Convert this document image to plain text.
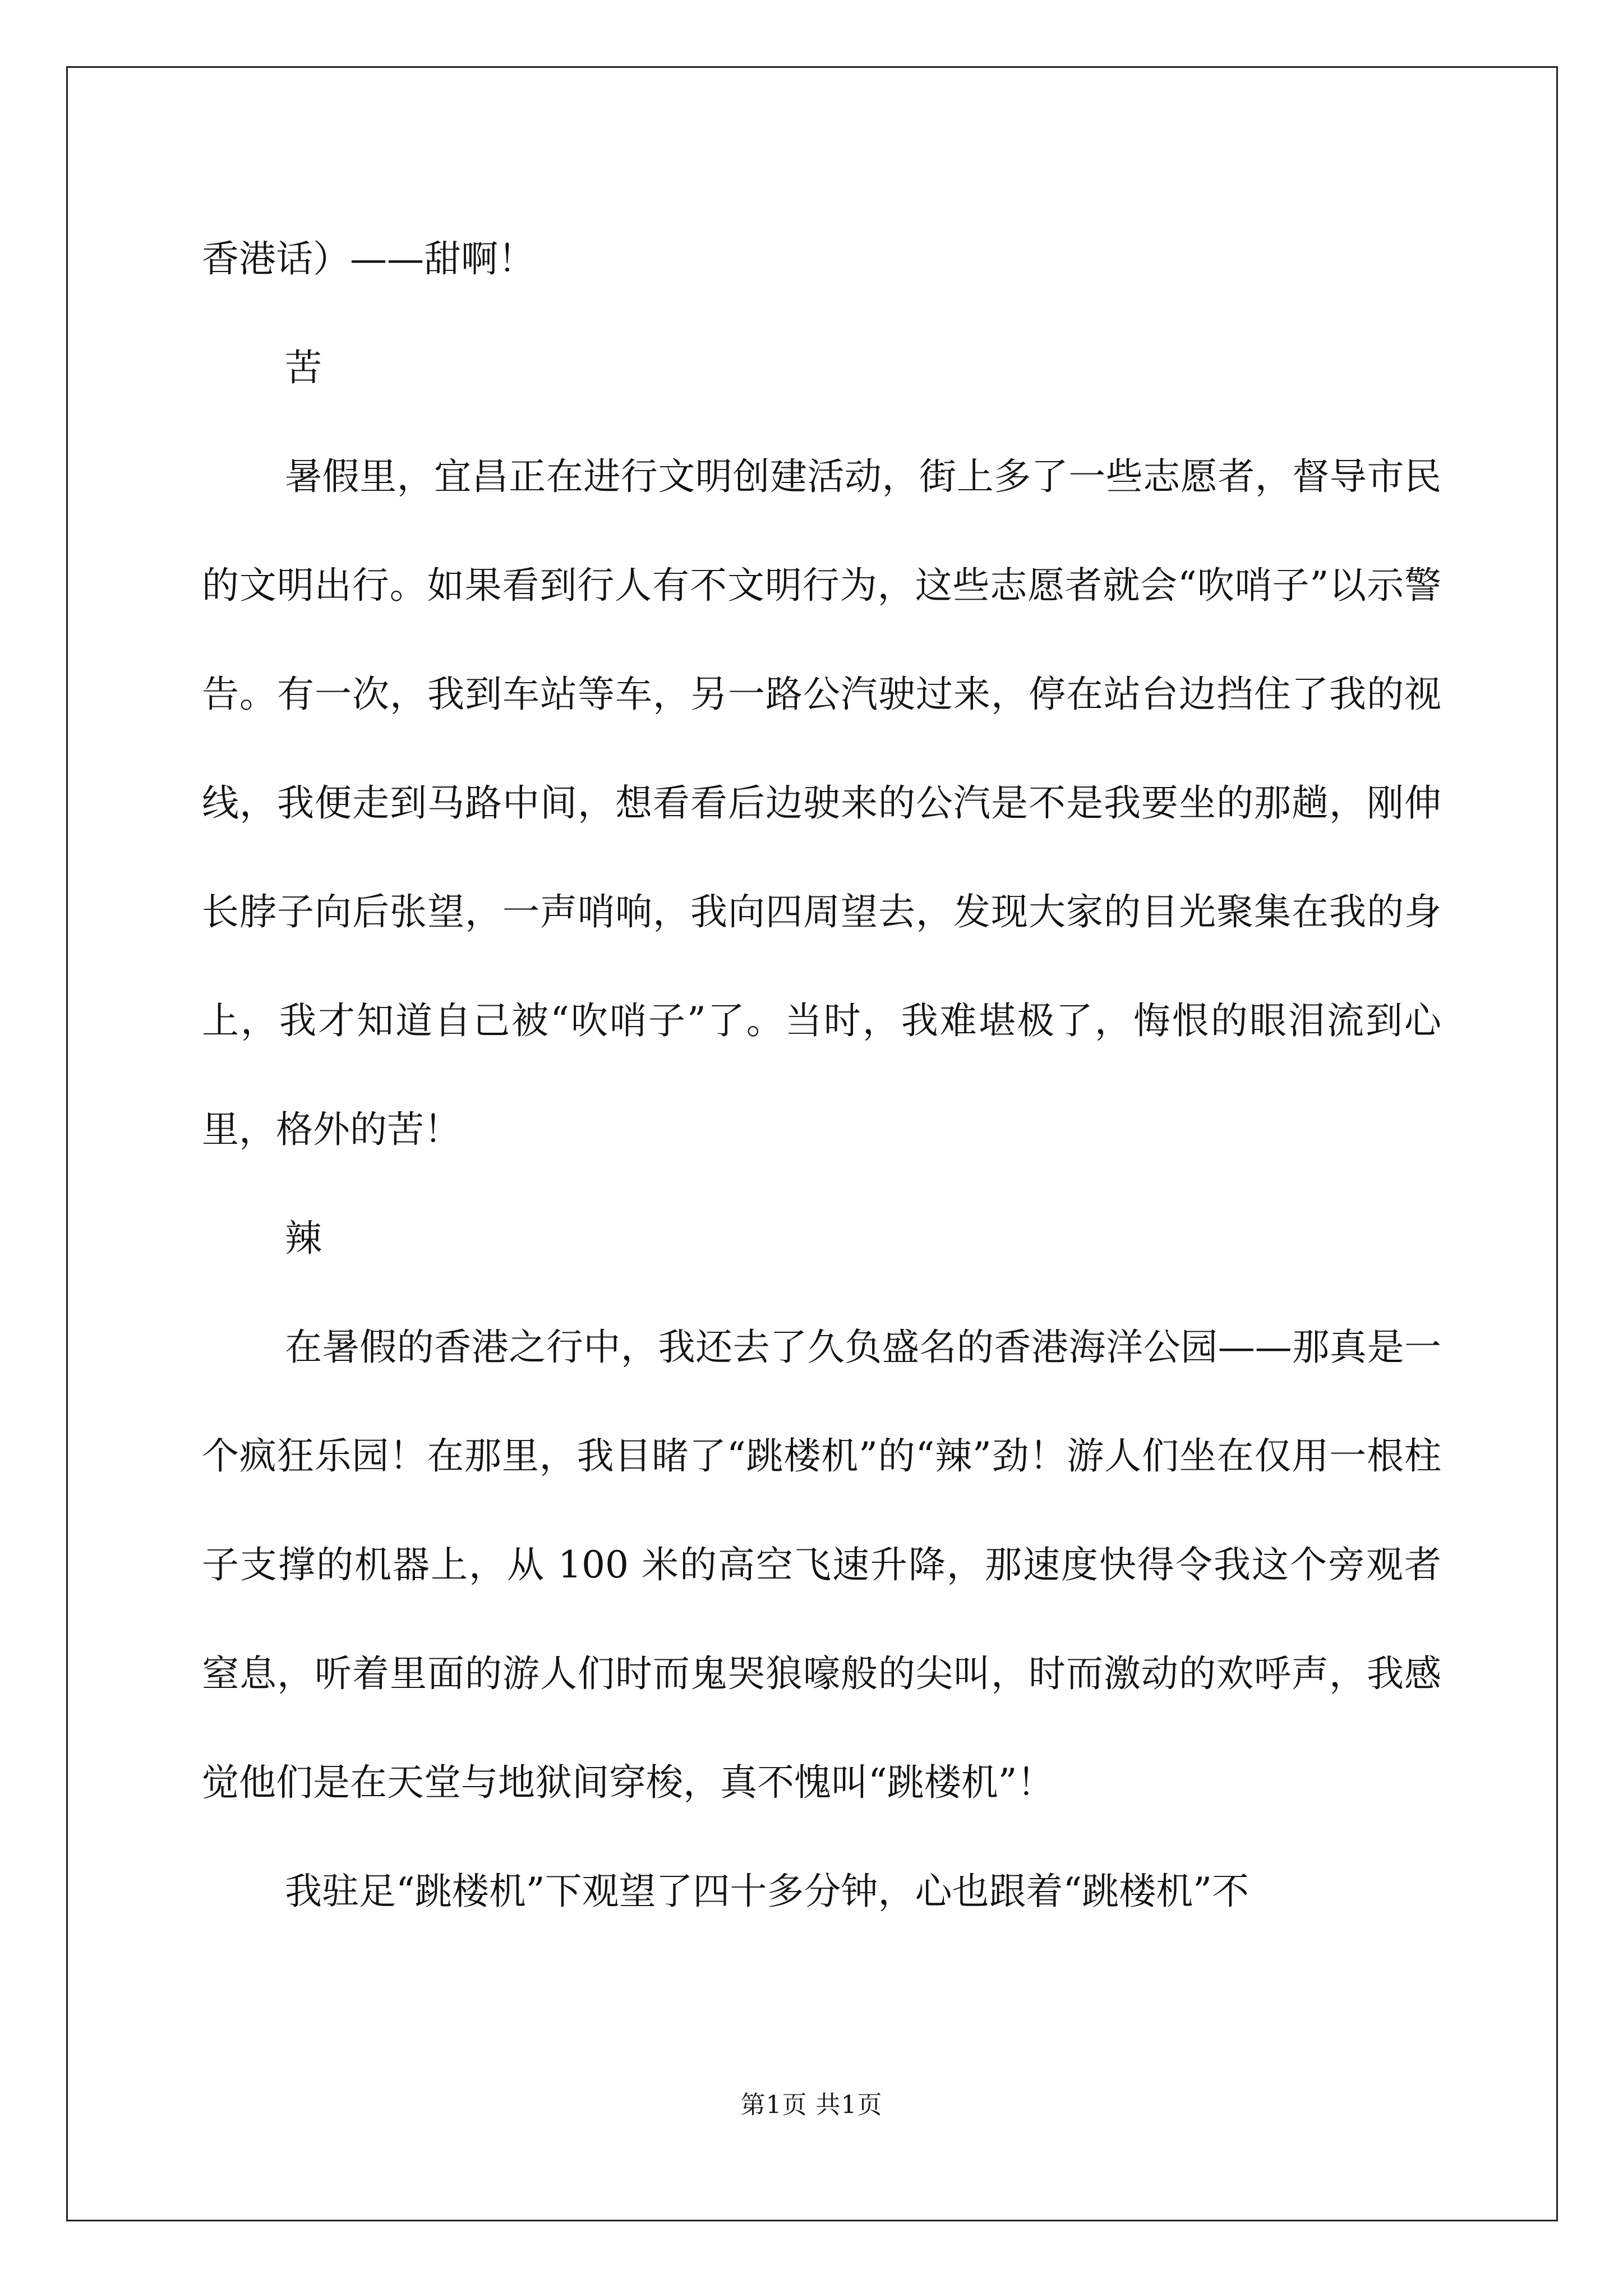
香港话）——甜啊！

苦

暑假里，宜昌正在进行文明创建活动，街上多了一些志愿者，督导市民的文明出行。如果看到行人有不文明行为，这些志愿者就会“吹哨子”以示警告。有一次，我到车站等车，另一路公汽驶过来，停在站台边挡住了我的视线，我便走到马路中间，想看看后边驶来的公汽是不是我要坐的那趟，刚伸长脖子向后张望，一声哨响，我向四周望去，发现大家的目光聚集在我的身上，我才知道自己被“吹哨子”了。当时，我难堪极了，悔恨的眼泪流到心里，格外的苦！

辣

在暑假的香港之行中，我还去了久负盛名的香港海洋公园——那真是一个疯狂乐园！在那里，我目睹了“跳楼机”的“辣”劲！游人们坐在仅用一根柱子支撑的机器上，从 100 米的高空飞速升降，那速度快得令我这个旁观者窒息，听着里面的游人们时而鬼哭狼嚎般的尖叫，时而激动的欢呼声，我感觉他们是在天堂与地狱间穿梭，真不愧叫“跳楼机”！

我驻足“跳楼机”下观望了四十多分钟，心也跟着“跳楼机”不

第1页 共1页
